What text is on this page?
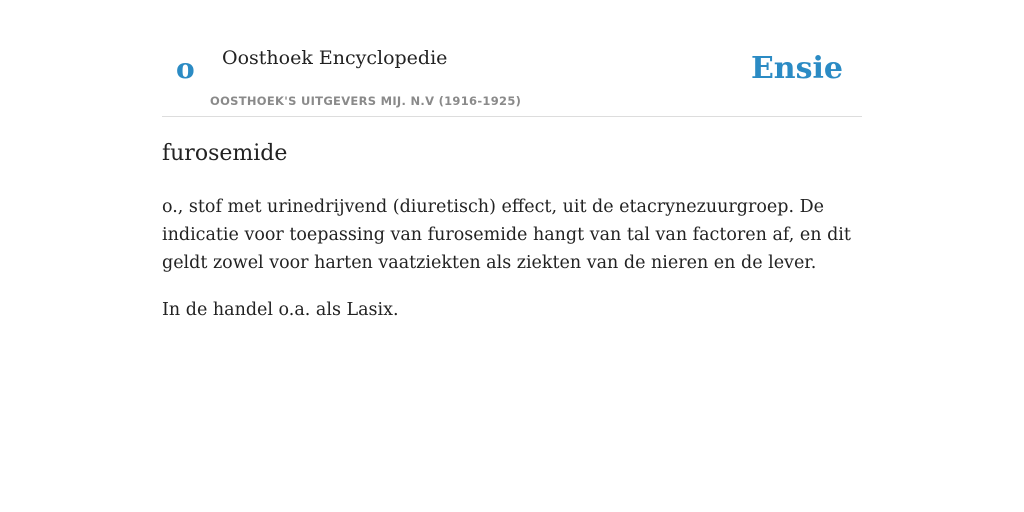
o Oosthoek Encyclopedie
OOSTHOEK'S UITGEVERS MIJ. N.V (1916-1925)
Ensie
furosemide

o., stof met urinedrijvend (diuretisch) effect, uit de etacrynezuurgroep. De indicatie voor toepassing van furosemide hangt van tal van factoren af, en dit geldt zowel voor harten vaatziekten als ziekten van de nieren en de lever.

In de handel o.a. als Lasix.
